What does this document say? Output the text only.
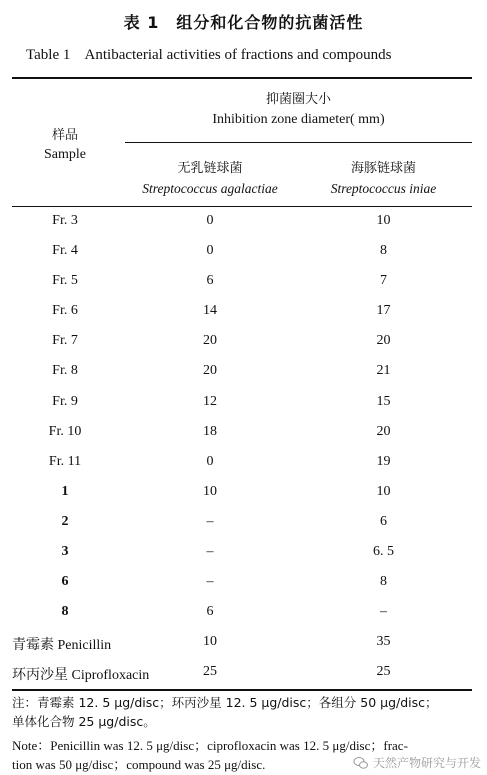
表 1　组分和化合物的抗菌活性
Table 1    Antibacterial activities of fractions and compounds
样品
Sample
抑菌圈大小
Inhibition zone diameter( mm)
无乳链球菌
Streptococcus agalactiae
海豚链球菌
Streptococcus iniae
Fr. 3	0	10
Fr. 4	0	8
Fr. 5	6	7
Fr. 6	14	17
Fr. 7	20	20
Fr. 8	20	21
Fr. 9	12	15
Fr. 10	18	20
Fr. 11	0	19
1	10	10
2	–	6
3	–	6. 5
6	–	8
8	6	–
青霉素 Penicillin	10	35
环丙沙星 Ciprofloxacin	25	25
注：青霉素 12. 5 μg/disc；环丙沙星 12. 5 μg/disc；各组分 50 μg/disc；
单体化合物 25 μg/disc。
Note：Penicillin was 12. 5 μg/disc；ciprofloxacin was 12. 5 μg/disc；frac-
tion was 50 μg/disc；compound was 25 μg/disc.	天然产物研究与开发
